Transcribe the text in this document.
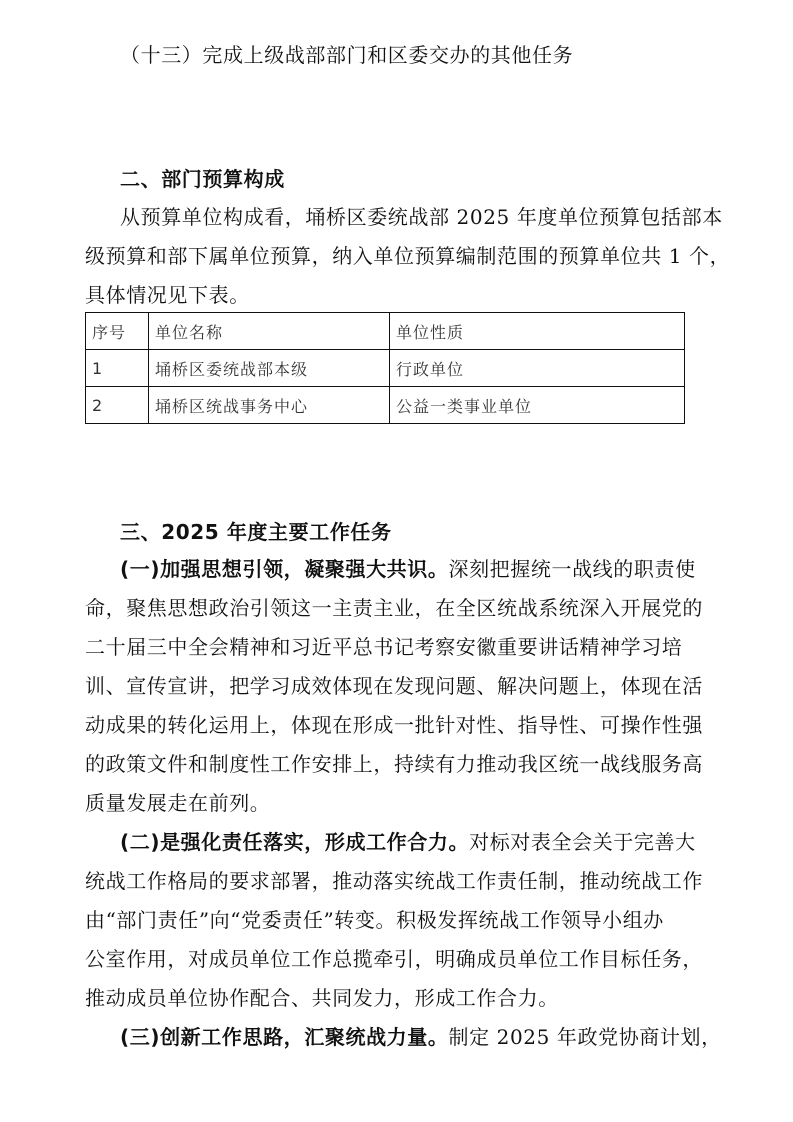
（十三）完成上级战部部门和区委交办的其他任务
二、部门预算构成
从预算单位构成看，埇桥区委统战部 2025 年度单位预算包括部本
级预算和部下属单位预算，纳入单位预算编制范围的预算单位共 1 个，
具体情况见下表。
序号	单位名称	单位性质
1	埇桥区委统战部本级	行政单位
2	埇桥区统战事务中心	公益一类事业单位
三、2025 年度主要工作任务
(一)加强思想引领，凝聚强大共识。深刻把握统一战线的职责使
命，聚焦思想政治引领这一主责主业，在全区统战系统深入开展党的
二十届三中全会精神和习近平总书记考察安徽重要讲话精神学习培
训、宣传宣讲，把学习成效体现在发现问题、解决问题上，体现在活
动成果的转化运用上，体现在形成一批针对性、指导性、可操作性强
的政策文件和制度性工作安排上，持续有力推动我区统一战线服务高
质量发展走在前列。
(二)是强化责任落实，形成工作合力。对标对表全会关于完善大
统战工作格局的要求部署，推动落实统战工作责任制，推动统战工作
由“部门责任”向“党委责任”转变。积极发挥统战工作领导小组办
公室作用，对成员单位工作总揽牵引，明确成员单位工作目标任务，
推动成员单位协作配合、共同发力，形成工作合力。
(三)创新工作思路，汇聚统战力量。制定 2025 年政党协商计划，
